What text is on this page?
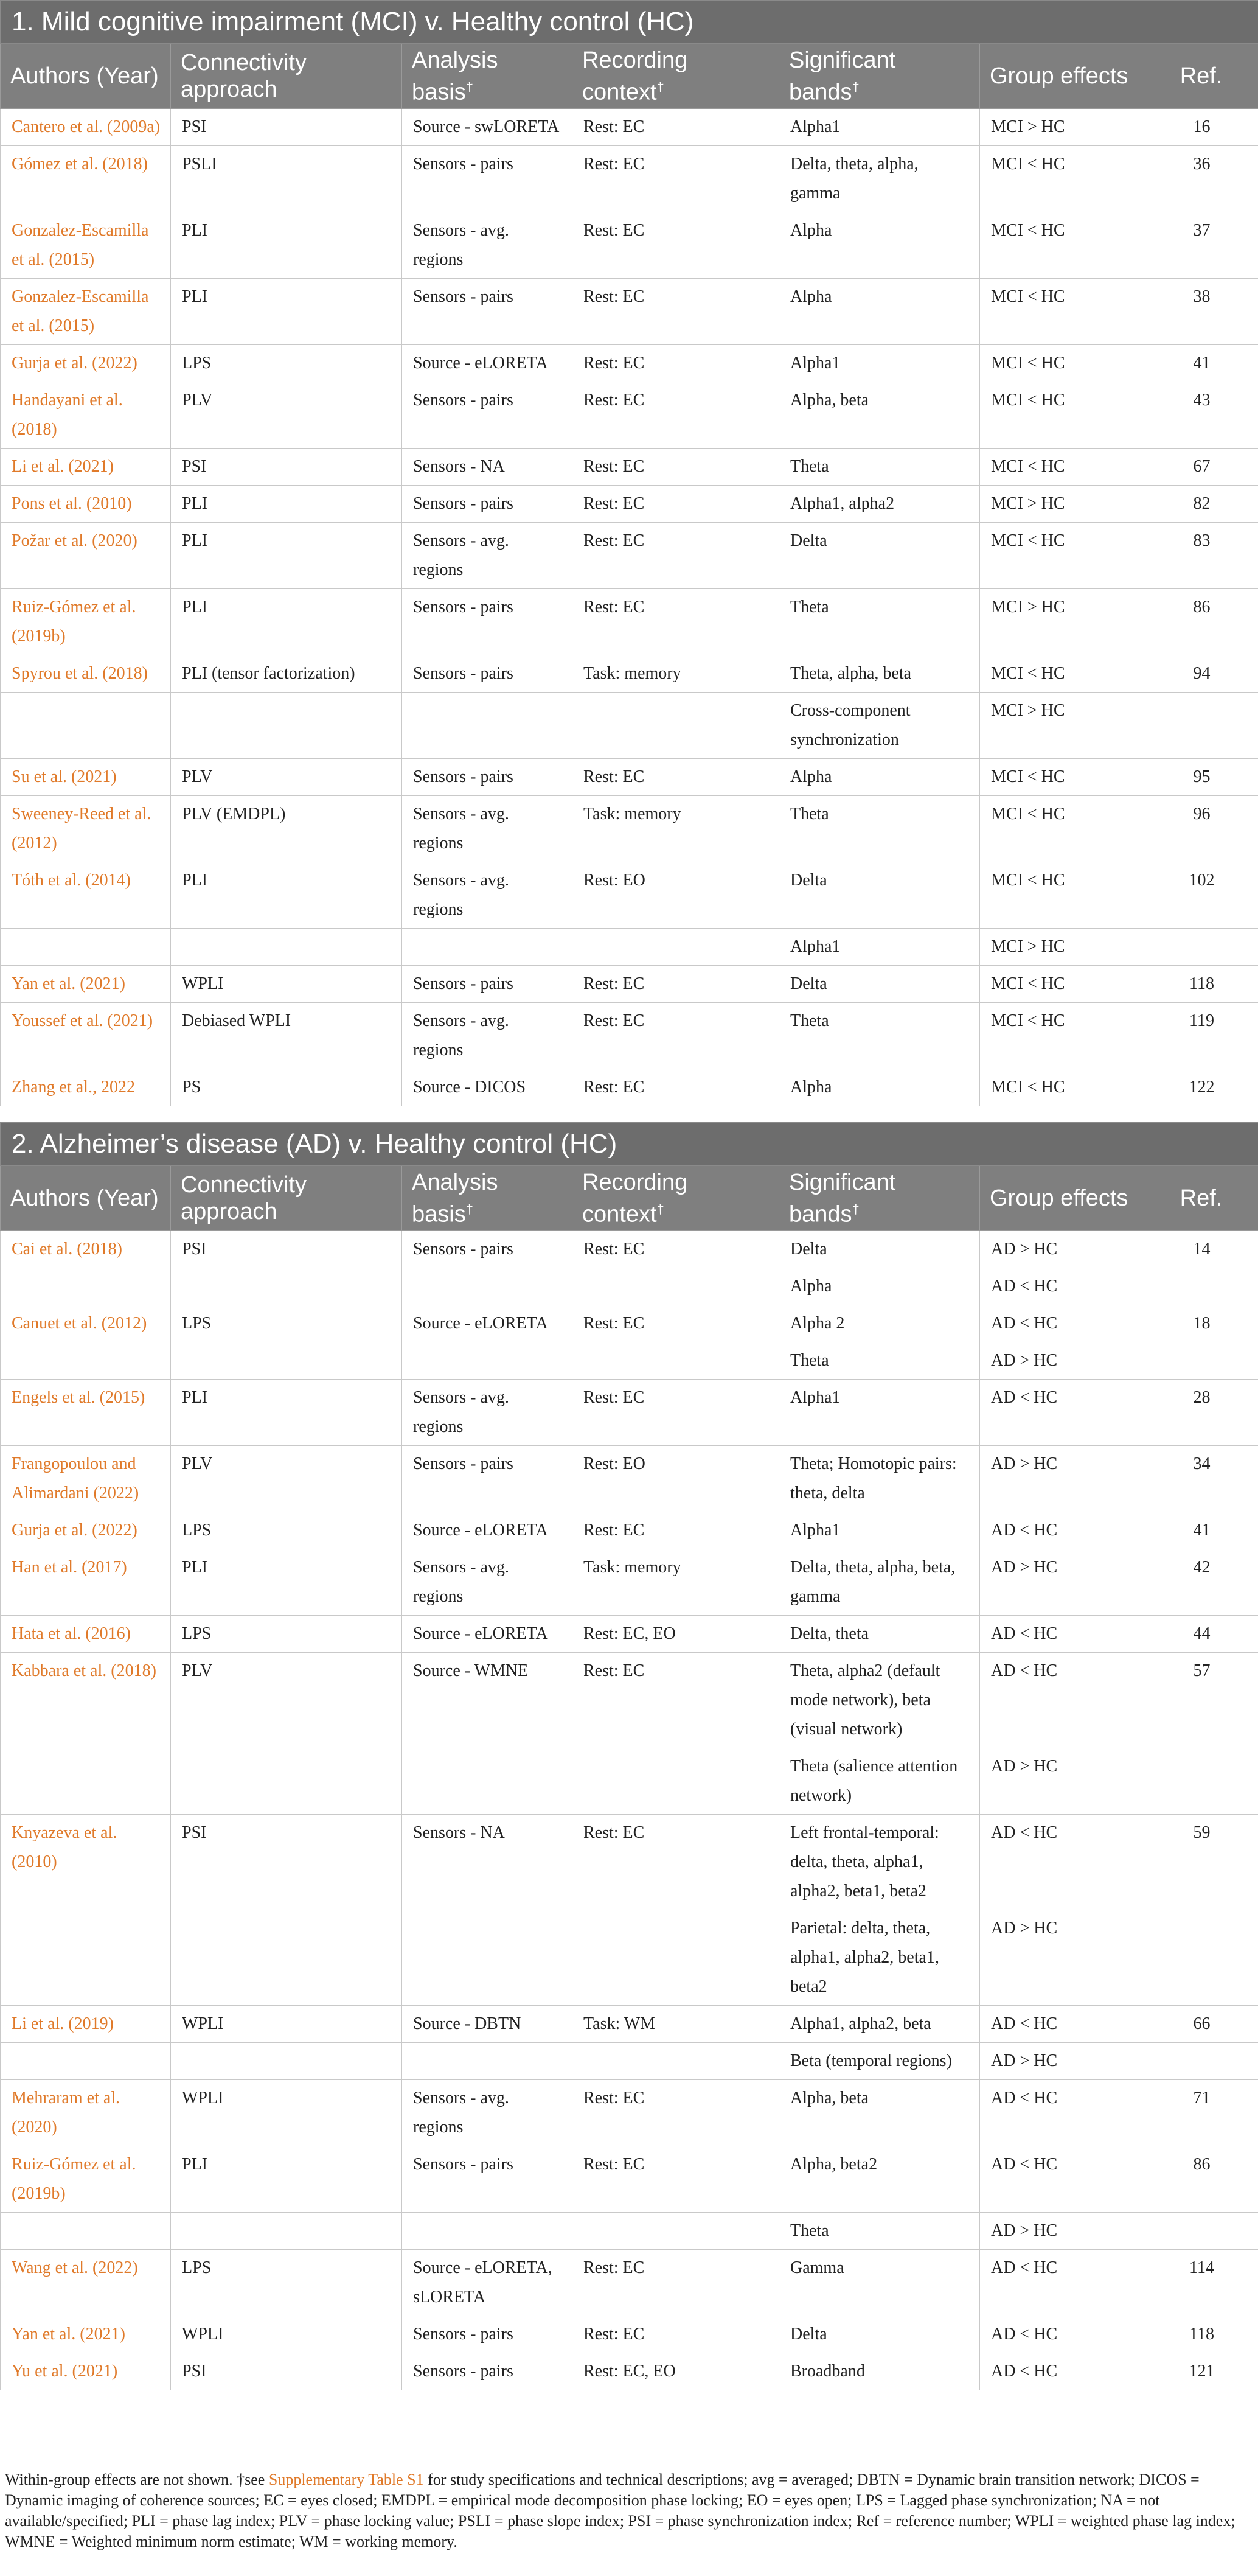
1. Mild cognitive impairment (MCI) v. Healthy control (HC)						
Authors (Year)	Connectivity approach	Analysis basis†	Recording context†	Significant bands†	Group effects	Ref.
Cantero et al. (2009a)	PSI	Source - swLORETA	Rest: EC	Alpha1	MCI > HC	16
Gómez et al. (2018)	PSLI	Sensors - pairs	Rest: EC	Delta, theta, alpha, gamma	MCI < HC	36
Gonzalez-Escamilla et al. (2015)	PLI	Sensors - avg. regions	Rest: EC	Alpha	MCI < HC	37
Gonzalez-Escamilla et al. (2015)	PLI	Sensors - pairs	Rest: EC	Alpha	MCI < HC	38
Gurja et al. (2022)	LPS	Source - eLORETA	Rest: EC	Alpha1	MCI < HC	41
Handayani et al. (2018)	PLV	Sensors - pairs	Rest: EC	Alpha, beta	MCI < HC	43
Li et al. (2021)	PSI	Sensors - NA	Rest: EC	Theta	MCI < HC	67
Pons et al. (2010)	PLI	Sensors - pairs	Rest: EC	Alpha1, alpha2	MCI > HC	82
Požar et al. (2020)	PLI	Sensors - avg. regions	Rest: EC	Delta	MCI < HC	83
Ruiz-Gómez et al. (2019b)	PLI	Sensors - pairs	Rest: EC	Theta	MCI > HC	86
Spyrou et al. (2018)	PLI (tensor factorization)	Sensors - pairs	Task: memory	Theta, alpha, beta	MCI < HC	94
				Cross-component synchronization	MCI > HC	
Su et al. (2021)	PLV	Sensors - pairs	Rest: EC	Alpha	MCI < HC	95
Sweeney-Reed et al. (2012)	PLV (EMDPL)	Sensors - avg. regions	Task: memory	Theta	MCI < HC	96
Tóth et al. (2014)	PLI	Sensors - avg. regions	Rest: EO	Delta	MCI < HC	102
				Alpha1	MCI > HC	
Yan et al. (2021)	WPLI	Sensors - pairs	Rest: EC	Delta	MCI < HC	118
Youssef et al. (2021)	Debiased WPLI	Sensors - avg. regions	Rest: EC	Theta	MCI < HC	119
Zhang et al., 2022	PS	Source - DICOS	Rest: EC	Alpha	MCI < HC	122
2. Alzheimer’s disease (AD) v. Healthy control (HC)						
Authors (Year)	Connectivity approach	Analysis basis†	Recording context†	Significant bands†	Group effects	Ref.
Cai et al. (2018)	PSI	Sensors - pairs	Rest: EC	Delta	AD > HC	14
				Alpha	AD < HC	
Canuet et al. (2012)	LPS	Source - eLORETA	Rest: EC	Alpha 2	AD < HC	18
				Theta	AD > HC	
Engels et al. (2015)	PLI	Sensors - avg. regions	Rest: EC	Alpha1	AD < HC	28
Frangopoulou and Alimardani (2022)	PLV	Sensors - pairs	Rest: EO	Theta; Homotopic pairs: theta, delta	AD > HC	34
Gurja et al. (2022)	LPS	Source - eLORETA	Rest: EC	Alpha1	AD < HC	41
Han et al. (2017)	PLI	Sensors - avg. regions	Task: memory	Delta, theta, alpha, beta, gamma	AD > HC	42
Hata et al. (2016)	LPS	Source - eLORETA	Rest: EC, EO	Delta, theta	AD < HC	44
Kabbara et al. (2018)	PLV	Source - WMNE	Rest: EC	Theta, alpha2 (default mode network), beta (visual network)	AD < HC	57
				Theta (salience attention network)	AD > HC	
Knyazeva et al. (2010)	PSI	Sensors - NA	Rest: EC	Left frontal-temporal: delta, theta, alpha1, alpha2, beta1, beta2	AD < HC	59
				Parietal: delta, theta, alpha1, alpha2, beta1, beta2	AD > HC	
Li et al. (2019)	WPLI	Source - DBTN	Task: WM	Alpha1, alpha2, beta	AD < HC	66
				Beta (temporal regions)	AD > HC	
Mehraram et al. (2020)	WPLI	Sensors - avg. regions	Rest: EC	Alpha, beta	AD < HC	71
Ruiz-Gómez et al. (2019b)	PLI	Sensors - pairs	Rest: EC	Alpha, beta2	AD < HC	86
				Theta	AD > HC	
Wang et al. (2022)	LPS	Source - eLORETA, sLORETA	Rest: EC	Gamma	AD < HC	114
Yan et al. (2021)	WPLI	Sensors - pairs	Rest: EC	Delta	AD < HC	118
Yu et al. (2021)	PSI	Sensors - pairs	Rest: EC, EO	Broadband	AD < HC	121
Within-group effects are not shown. †see Supplementary Table S1 for study specifications and technical descriptions; avg = averaged; DBTN = Dynamic brain transition network; DICOS = Dynamic imaging of coherence sources; EC = eyes closed; EMDPL = empirical mode decomposition phase locking; EO = eyes open; LPS = Lagged phase synchronization; NA = not available/specified; PLI = phase lag index; PLV = phase locking value; PSLI = phase slope index; PSI = phase synchronization index; Ref = reference number; WPLI = weighted phase lag index; WMNE = Weighted minimum norm estimate; WM = working memory.
